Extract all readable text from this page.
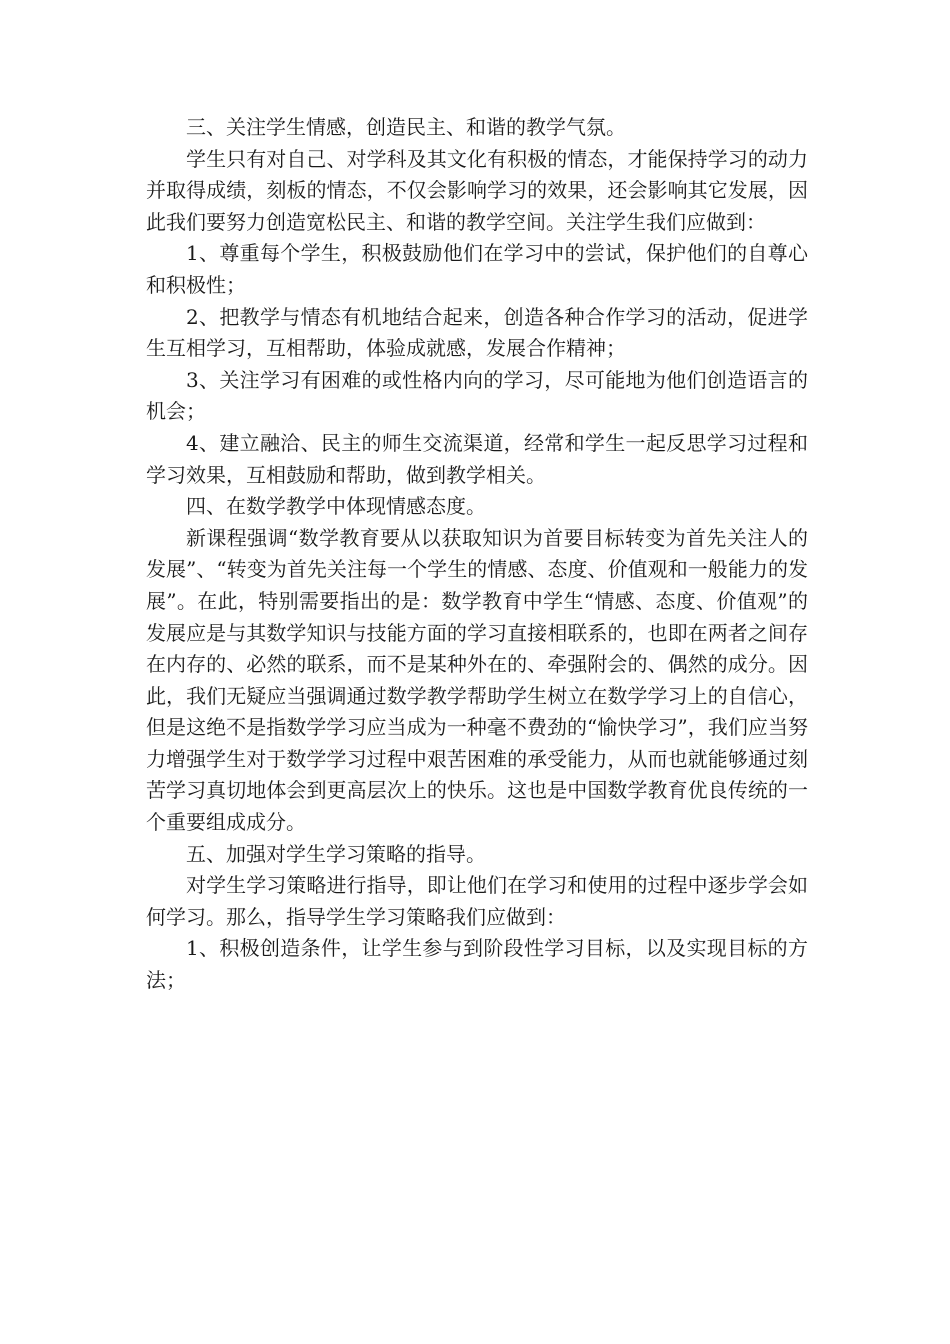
三、关注学生情感，创造民主、和谐的教学气氛。

学生只有对自己、对学科及其文化有积极的情态，才能保持学习的动力并取得成绩，刻板的情态，不仅会影响学习的效果，还会影响其它发展，因此我们要努力创造宽松民主、和谐的教学空间。关注学生我们应做到：

1、尊重每个学生，积极鼓励他们在学习中的尝试，保护他们的自尊心和积极性；

2、把教学与情态有机地结合起来，创造各种合作学习的活动，促进学生互相学习，互相帮助，体验成就感，发展合作精神；

3、关注学习有困难的或性格内向的学习，尽可能地为他们创造语言的机会；

4、建立融洽、民主的师生交流渠道，经常和学生一起反思学习过程和学习效果，互相鼓励和帮助，做到教学相关。

四、在数学教学中体现情感态度。

新课程强调“数学教育要从以获取知识为首要目标转变为首先关注人的发展”、“转变为首先关注每一个学生的情感、态度、价值观和一般能力的发展”。在此，特别需要指出的是：数学教育中学生“情感、态度、价值观”的发展应是与其数学知识与技能方面的学习直接相联系的，也即在两者之间存在内存的、必然的联系，而不是某种外在的、牵强附会的、偶然的成分。因此，我们无疑应当强调通过数学教学帮助学生树立在数学学习上的自信心，但是这绝不是指数学学习应当成为一种毫不费劲的“愉快学习”，我们应当努力增强学生对于数学学习过程中艰苦困难的承受能力，从而也就能够通过刻苦学习真切地体会到更高层次上的快乐。这也是中国数学教育优良传统的一个重要组成成分。

五、加强对学生学习策略的指导。

对学生学习策略进行指导，即让他们在学习和使用的过程中逐步学会如何学习。那么，指导学生学习策略我们应做到：

1、积极创造条件，让学生参与到阶段性学习目标，以及实现目标的方法；
